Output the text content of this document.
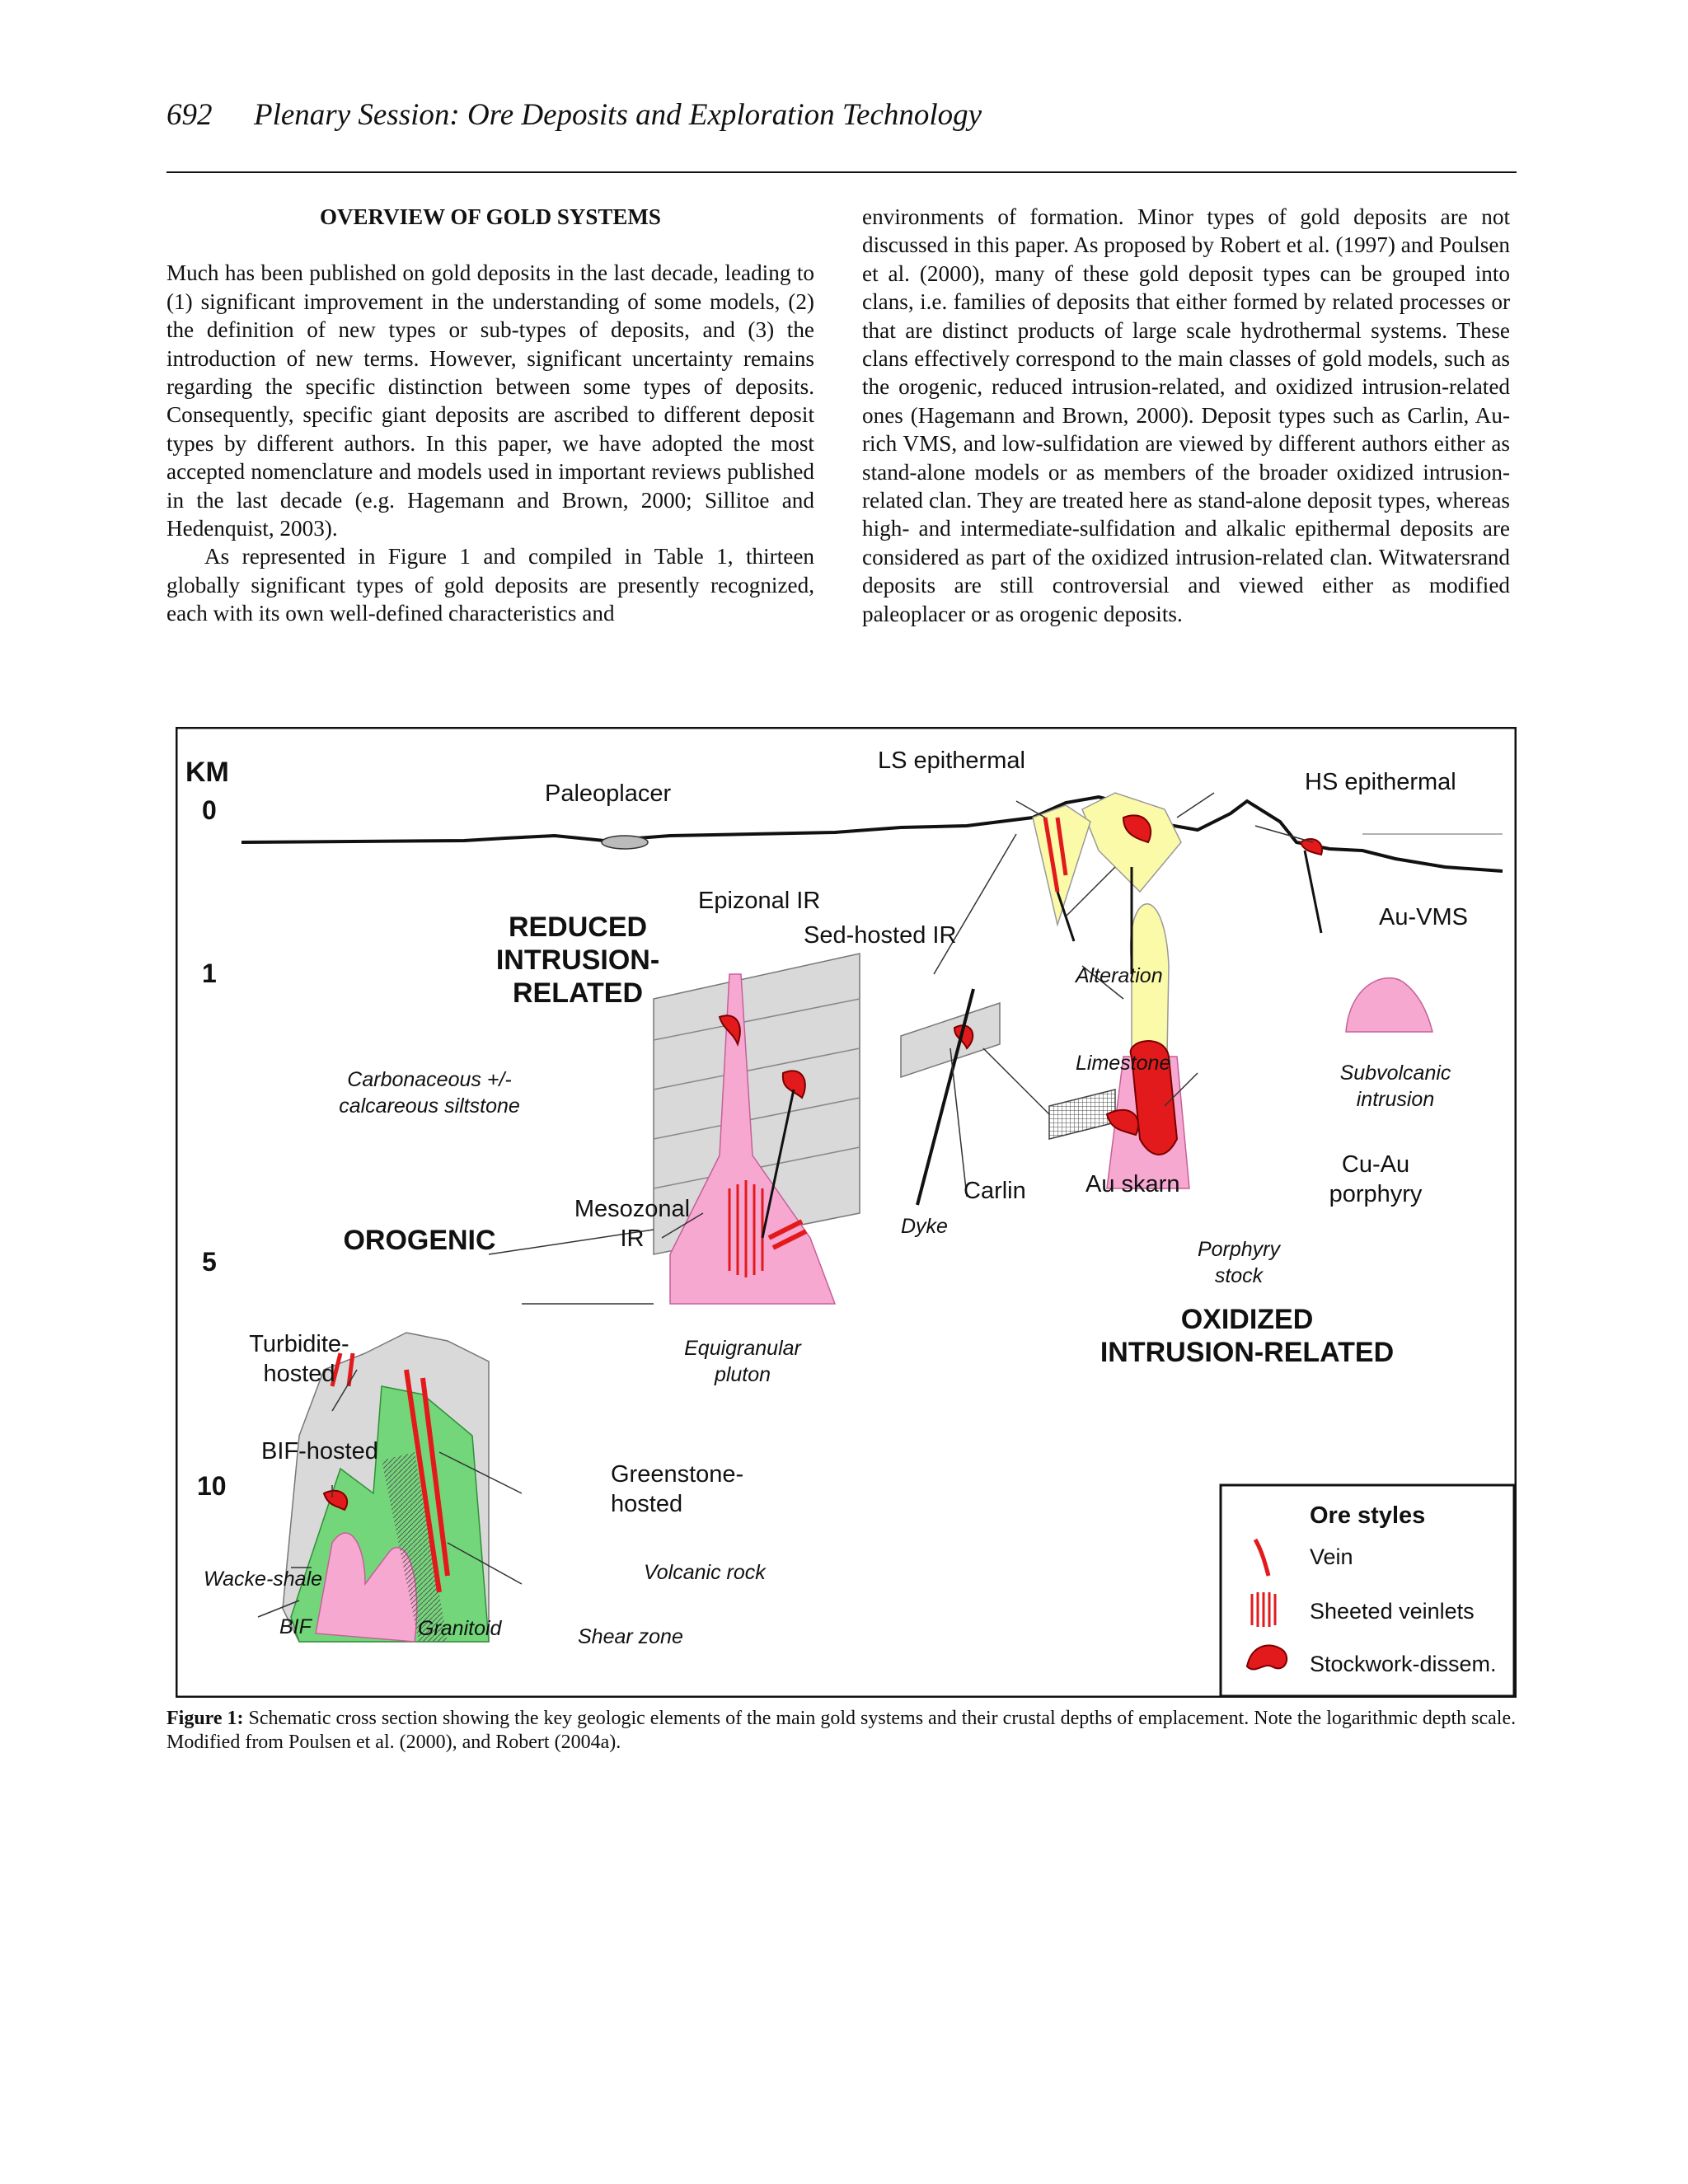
692 Plenary Session: Ore Deposits and Exploration Technology

OVERVIEW OF GOLD SYSTEMS

Much has been published on gold deposits in the last decade, leading to (1) significant improvement in the understanding of some models, (2) the definition of new types or sub-types of deposits, and (3) the introduction of new terms. However, significant uncertainty remains regarding the specific distinction between some types of deposits. Consequently, specific giant deposits are ascribed to different deposit types by different authors. In this paper, we have adopted the most accepted nomenclature and models used in important reviews published in the last decade (e.g. Hagemann and Brown, 2000; Sillitoe and Hedenquist, 2003).

As represented in Figure 1 and compiled in Table 1, thirteen globally significant types of gold deposits are presently recognized, each with its own well-defined characteristics and

environments of formation. Minor types of gold deposits are not discussed in this paper. As proposed by Robert et al. (1997) and Poulsen et al. (2000), many of these gold deposit types can be grouped into clans, i.e. families of deposits that either formed by related processes or that are distinct products of large scale hydrothermal systems. These clans effectively correspond to the main classes of gold models, such as the orogenic, reduced intrusion-related, and oxidized intrusion-related ones (Hagemann and Brown, 2000). Deposit types such as Carlin, Au-rich VMS, and low-sulfidation are viewed by different authors either as stand-alone models or as members of the broader oxidized intrusion-related clan. They are treated here as stand-alone deposit types, whereas high- and intermediate-sulfidation and alkalic epithermal deposits are considered as part of the oxidized intrusion-related clan. Witwatersrand deposits are still controversial and viewed either as modified paleoplacer or as orogenic deposits.

KM
0
1
5
10
REDUCED
INTRUSION-
RELATED
OROGENIC
OXIDIZED
INTRUSION-RELATED
Paleoplacer
LS epithermal
HS epithermal
Au-VMS
Epizonal IR
Sed-hosted IR
Carbonaceous +/-
calcareous siltstone
Mesozonal
IR
Equigranular
pluton
Carlin
Dyke
Alteration
Limestone
Au skarn
Porphyry
stock
Subvolcanic
intrusion
Cu-Au
porphyry
Turbidite-
hosted
BIF-hosted
Greenstone-
hosted
Volcanic rock
Wacke-shale
BIF	Granitoid	Shear zone
Ore styles
Vein
Sheeted veinlets
Stockwork-dissem.
Figure 1: Schematic cross section showing the key geologic elements of the main gold systems and their crustal depths of emplacement. Note the logarithmic depth scale. Modified from Poulsen et al. (2000), and Robert (2004a).
